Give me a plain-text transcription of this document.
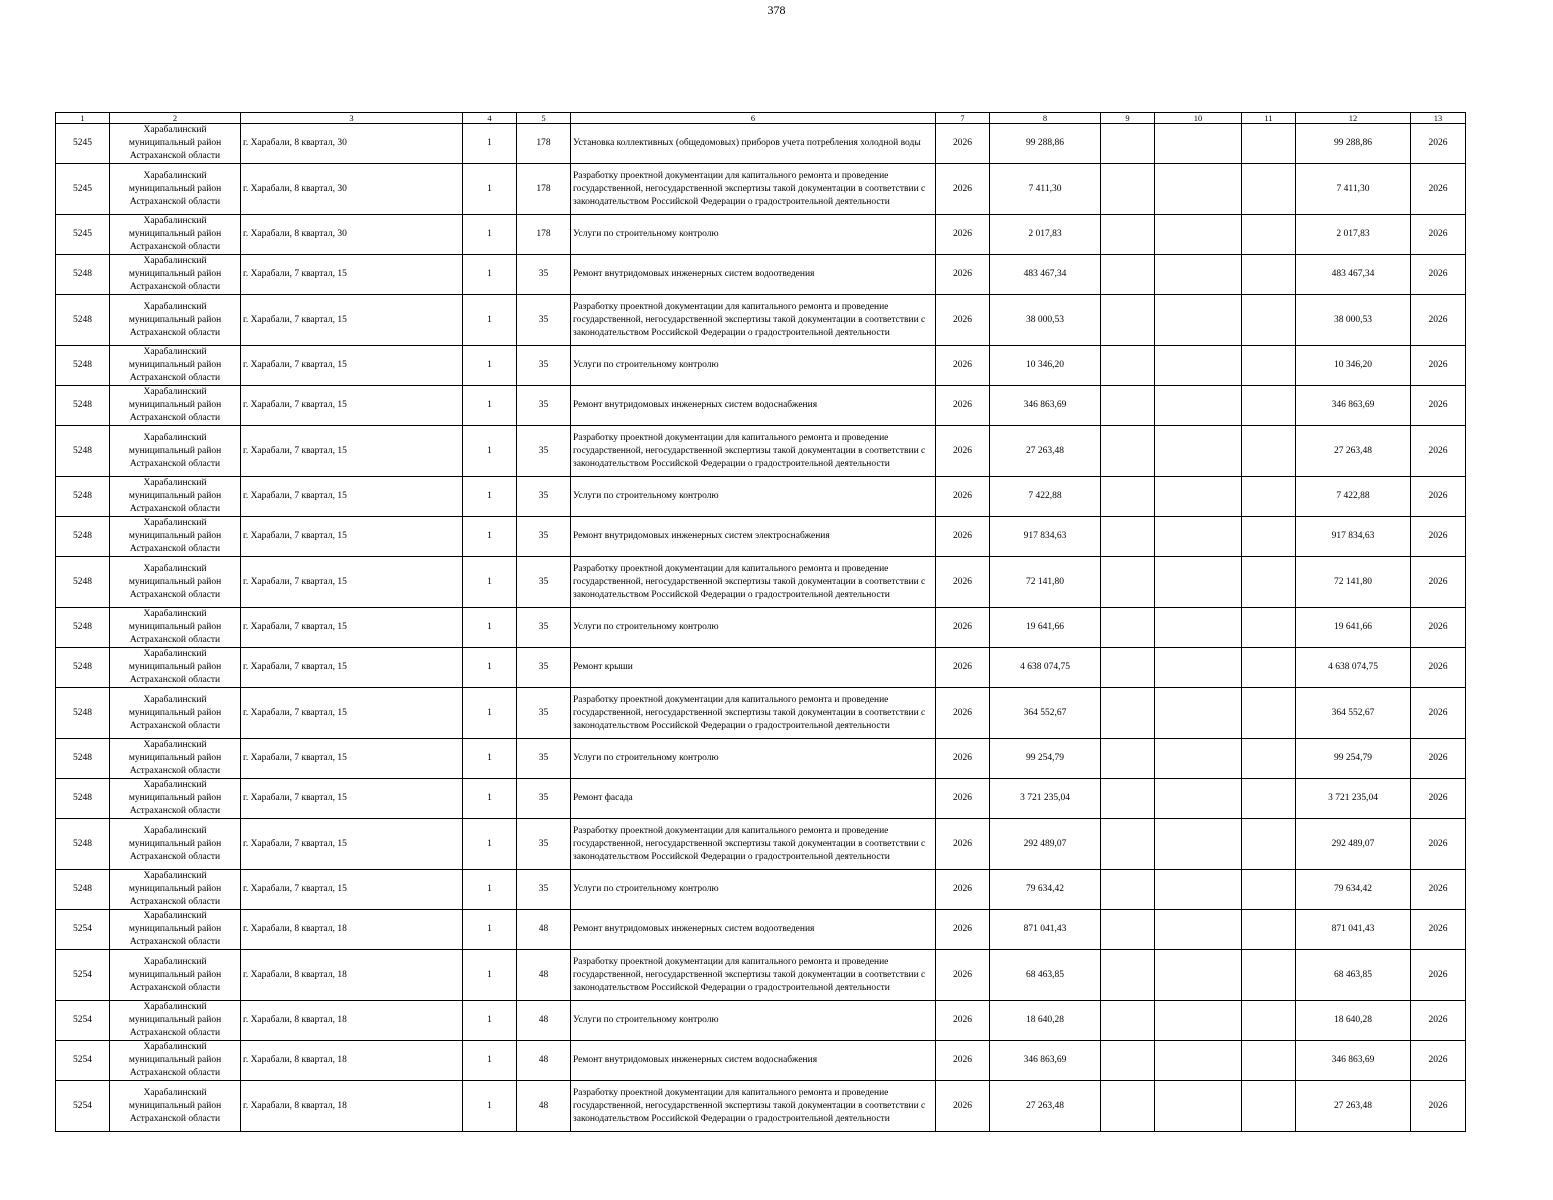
378
1	2	3	4	5	6	7	8	9	10	11	12	13
5245	Харабалинский муниципальный район Астраханской области	г. Харабали, 8 квартал, 30	1	178	Установка коллективных (общедомовых) приборов учета потребления холодной воды	2026	99 288,86				99 288,86	2026
5245	Харабалинский муниципальный район Астраханской области	г. Харабали, 8 квартал, 30	1	178	Разработку проектной документации для капитального ремонта и проведение государственной, негосударственной экспертизы такой документации в соответствии с законодательством Российской Федерации о градостроительной деятельности	2026	7 411,30				7 411,30	2026
5245	Харабалинский муниципальный район Астраханской области	г. Харабали, 8 квартал, 30	1	178	Услуги по строительному контролю	2026	2 017,83				2 017,83	2026
5248	Харабалинский муниципальный район Астраханской области	г. Харабали, 7 квартал, 15	1	35	Ремонт внутридомовых инженерных систем водоотведения	2026	483 467,34				483 467,34	2026
5248	Харабалинский муниципальный район Астраханской области	г. Харабали, 7 квартал, 15	1	35	Разработку проектной документации для капитального ремонта и проведение государственной, негосударственной экспертизы такой документации в соответствии с законодательством Российской Федерации о градостроительной деятельности	2026	38 000,53				38 000,53	2026
5248	Харабалинский муниципальный район Астраханской области	г. Харабали, 7 квартал, 15	1	35	Услуги по строительному контролю	2026	10 346,20				10 346,20	2026
5248	Харабалинский муниципальный район Астраханской области	г. Харабали, 7 квартал, 15	1	35	Ремонт внутридомовых инженерных систем водоснабжения	2026	346 863,69				346 863,69	2026
5248	Харабалинский муниципальный район Астраханской области	г. Харабали, 7 квартал, 15	1	35	Разработку проектной документации для капитального ремонта и проведение государственной, негосударственной экспертизы такой документации в соответствии с законодательством Российской Федерации о градостроительной деятельности	2026	27 263,48				27 263,48	2026
5248	Харабалинский муниципальный район Астраханской области	г. Харабали, 7 квартал, 15	1	35	Услуги по строительному контролю	2026	7 422,88				7 422,88	2026
5248	Харабалинский муниципальный район Астраханской области	г. Харабали, 7 квартал, 15	1	35	Ремонт внутридомовых инженерных систем электроснабжения	2026	917 834,63				917 834,63	2026
5248	Харабалинский муниципальный район Астраханской области	г. Харабали, 7 квартал, 15	1	35	Разработку проектной документации для капитального ремонта и проведение государственной, негосударственной экспертизы такой документации в соответствии с законодательством Российской Федерации о градостроительной деятельности	2026	72 141,80				72 141,80	2026
5248	Харабалинский муниципальный район Астраханской области	г. Харабали, 7 квартал, 15	1	35	Услуги по строительному контролю	2026	19 641,66				19 641,66	2026
5248	Харабалинский муниципальный район Астраханской области	г. Харабали, 7 квартал, 15	1	35	Ремонт крыши	2026	4 638 074,75				4 638 074,75	2026
5248	Харабалинский муниципальный район Астраханской области	г. Харабали, 7 квартал, 15	1	35	Разработку проектной документации для капитального ремонта и проведение государственной, негосударственной экспертизы такой документации в соответствии с законодательством Российской Федерации о градостроительной деятельности	2026	364 552,67				364 552,67	2026
5248	Харабалинский муниципальный район Астраханской области	г. Харабали, 7 квартал, 15	1	35	Услуги по строительному контролю	2026	99 254,79				99 254,79	2026
5248	Харабалинский муниципальный район Астраханской области	г. Харабали, 7 квартал, 15	1	35	Ремонт фасада	2026	3 721 235,04				3 721 235,04	2026
5248	Харабалинский муниципальный район Астраханской области	г. Харабали, 7 квартал, 15	1	35	Разработку проектной документации для капитального ремонта и проведение государственной, негосударственной экспертизы такой документации в соответствии с законодательством Российской Федерации о градостроительной деятельности	2026	292 489,07				292 489,07	2026
5248	Харабалинский муниципальный район Астраханской области	г. Харабали, 7 квартал, 15	1	35	Услуги по строительному контролю	2026	79 634,42				79 634,42	2026
5254	Харабалинский муниципальный район Астраханской области	г. Харабали, 8 квартал, 18	1	48	Ремонт внутридомовых инженерных систем водоотведения	2026	871 041,43				871 041,43	2026
5254	Харабалинский муниципальный район Астраханской области	г. Харабали, 8 квартал, 18	1	48	Разработку проектной документации для капитального ремонта и проведение государственной, негосударственной экспертизы такой документации в соответствии с законодательством Российской Федерации о градостроительной деятельности	2026	68 463,85				68 463,85	2026
5254	Харабалинский муниципальный район Астраханской области	г. Харабали, 8 квартал, 18	1	48	Услуги по строительному контролю	2026	18 640,28				18 640,28	2026
5254	Харабалинский муниципальный район Астраханской области	г. Харабали, 8 квартал, 18	1	48	Ремонт внутридомовых инженерных систем водоснабжения	2026	346 863,69				346 863,69	2026
5254	Харабалинский муниципальный район Астраханской области	г. Харабали, 8 квартал, 18	1	48	Разработку проектной документации для капитального ремонта и проведение государственной, негосударственной экспертизы такой документации в соответствии с законодательством Российской Федерации о градостроительной деятельности	2026	27 263,48				27 263,48	2026
